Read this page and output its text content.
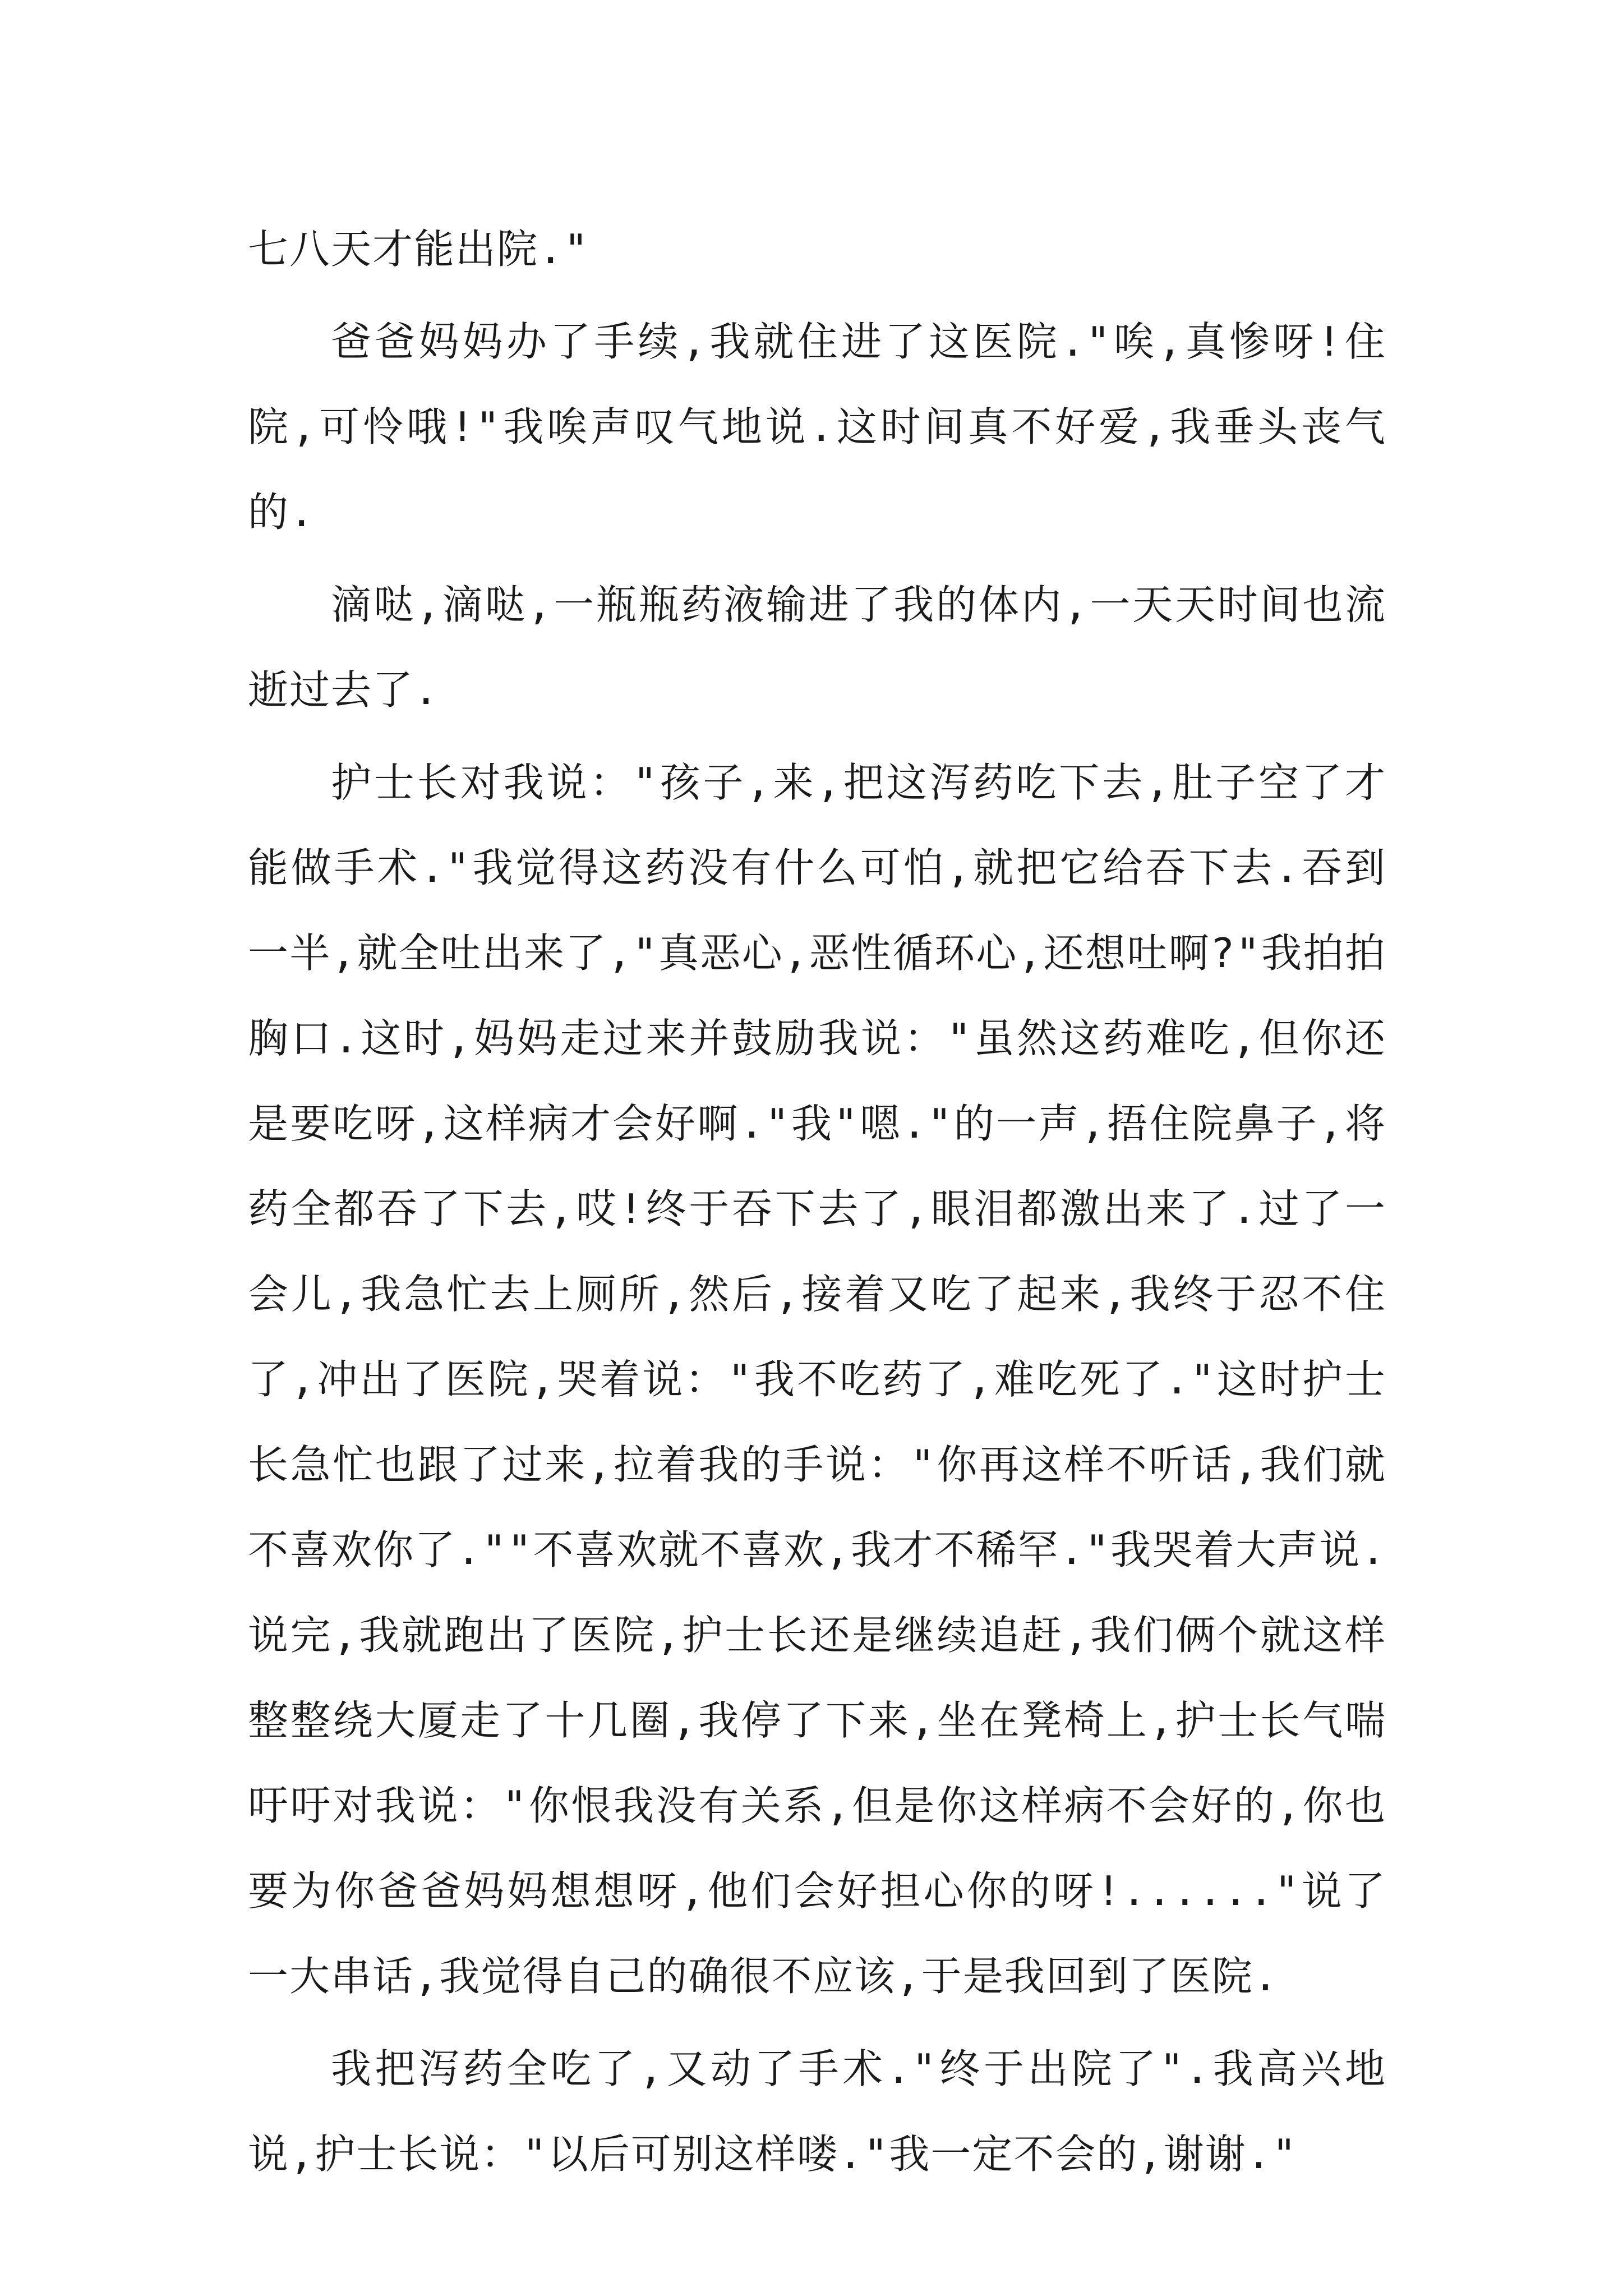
七八天才能出院."

爸爸妈妈办了手续,我就住进了这医院."唉,真惨呀!住院,可怜哦!"我唉声叹气地说.这时间真不好爱,我垂头丧气的.

滴哒,滴哒,一瓶瓶药液输进了我的体内,一天天时间也流逝过去了.

护士长对我说："孩子,来,把这泻药吃下去,肚子空了才能做手术."我觉得这药没有什么可怕,就把它给吞下去.吞到一半,就全吐出来了,"真恶心,恶性循环心,还想吐啊?"我拍拍胸口.这时,妈妈走过来并鼓励我说："虽然这药难吃,但你还是要吃呀,这样病才会好啊."我"嗯."的一声,捂住院鼻子,将药全都吞了下去,哎!终于吞下去了,眼泪都激出来了.过了一会儿,我急忙去上厕所,然后,接着又吃了起来,我终于忍不住了,冲出了医院,哭着说："我不吃药了,难吃死了."这时护士长急忙也跟了过来,拉着我的手说："你再这样不听话,我们就不喜欢你了.""不喜欢就不喜欢,我才不稀罕."我哭着大声说.说完,我就跑出了医院,护士长还是继续追赶,我们俩个就这样整整绕大厦走了十几圈,我停了下来,坐在凳椅上,护士长气喘吁吁对我说："你恨我没有关系,但是你这样病不会好的,你也要为你爸爸妈妈想想呀,他们会好担心你的呀!......"说了一大串话,我觉得自己的确很不应该,于是我回到了医院.

我把泻药全吃了,又动了手术."终于出院了".我高兴地说,护士长说："以后可别这样喽."我一定不会的,谢谢."
